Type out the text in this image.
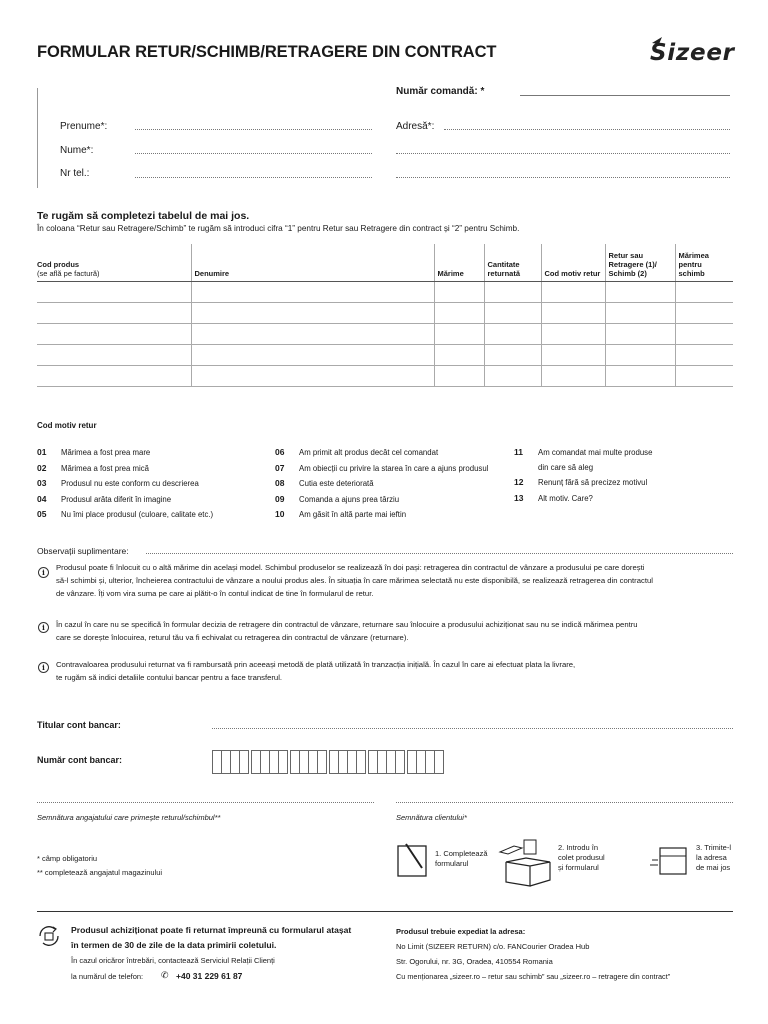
FORMULAR RETUR/SCHIMB/RETRAGERE DIN CONTRACT	Sizeer
Număr comandă: *
Prenume*:	Adresă*:
Nume*:
Nr tel.:
Te rugăm să completezi tabelul de mai jos.
În coloana “Retur sau Retragere/Schimb” te rugăm să introduci cifra “1” pentru Retur sau Retragere din contract și “2” pentru Schimb.
Cod produs
(se află pe factură)	Denumire	Mărime	Cantitate returnată	Cod motiv retur	Retur sau Retragere (1)/ Schimb (2)	Mărimea pentru schimb

Cod motiv retur
01 Mărimea a fost prea mare
02 Mărimea a fost prea mică
03 Produsul nu este conform cu descrierea
04 Produsul arăta diferit în imagine
05 Nu îmi place produsul (culoare, calitate etc.)
06 Am primit alt produs decât cel comandat
07 Am obiecții cu privire la starea în care a ajuns produsul
08 Cutia este deteriorată
09 Comanda a ajuns prea târziu
10 Am găsit în altă parte mai ieftin
11 Am comandat mai multe produse
din care să aleg
12 Renunț fără să precizez motivul
13 Alt motiv. Care?
Observații suplimentare:
i
Produsul poate fi înlocuit cu o altă mărime din același model. Schimbul produselor se realizează în doi pași: retragerea din contractul de vânzare a produsului pe care dorești
să-l schimbi și, ulterior, încheierea contractului de vânzare a noului produs ales. În situația în care mărimea selectată nu este disponibilă, se realizează retragerea din contractul
de vânzare. Îți vom vira suma pe care ai plătit-o în contul indicat de tine în formularul de retur.
i	În cazul în care nu se specifică în formular decizia de retragere din contractul de vânzare, returnare sau înlocuire a produsului achiziționat sau nu se indică mărimea pentru
care se dorește înlocuirea, returul tău va fi echivalat cu retragerea din contractul de vânzare (returnare).
i	Contravaloarea produsului returnat va fi rambursată prin aceeași metodă de plată utilizată în tranzacția inițială. În cazul în care ai efectuat plata la livrare,
te rugăm să indici detaliile contului bancar pentru a face transferul.
Titular cont bancar:
Număr cont bancar:
Semnătura angajatului care primește returul/schimbul**	Semnătura clientului*
* câmp obligatoriu
** completează angajatul magazinului
1. Completează
formularul
2. Introdu în
colet produsul
și formularul
3. Trimite-l
la adresa
de mai jos
Produsul achiziționat poate fi returnat împreună cu formularul atașat
în termen de 30 de zile de la data primirii coletului.
În cazul oricăror întrebări, contactează Serviciul Relații Clienți
la numărul de telefon: ✆ +40 31 229 61 87
Produsul trebuie expediat la adresa:
No Limit (SIZEER RETURN) c/o. FANCourier Oradea Hub
Str. Ogorului, nr. 3G, Oradea, 410554 Romania
Cu menționarea „sizeer.ro – retur sau schimb” sau „sizeer.ro – retragere din contract”
